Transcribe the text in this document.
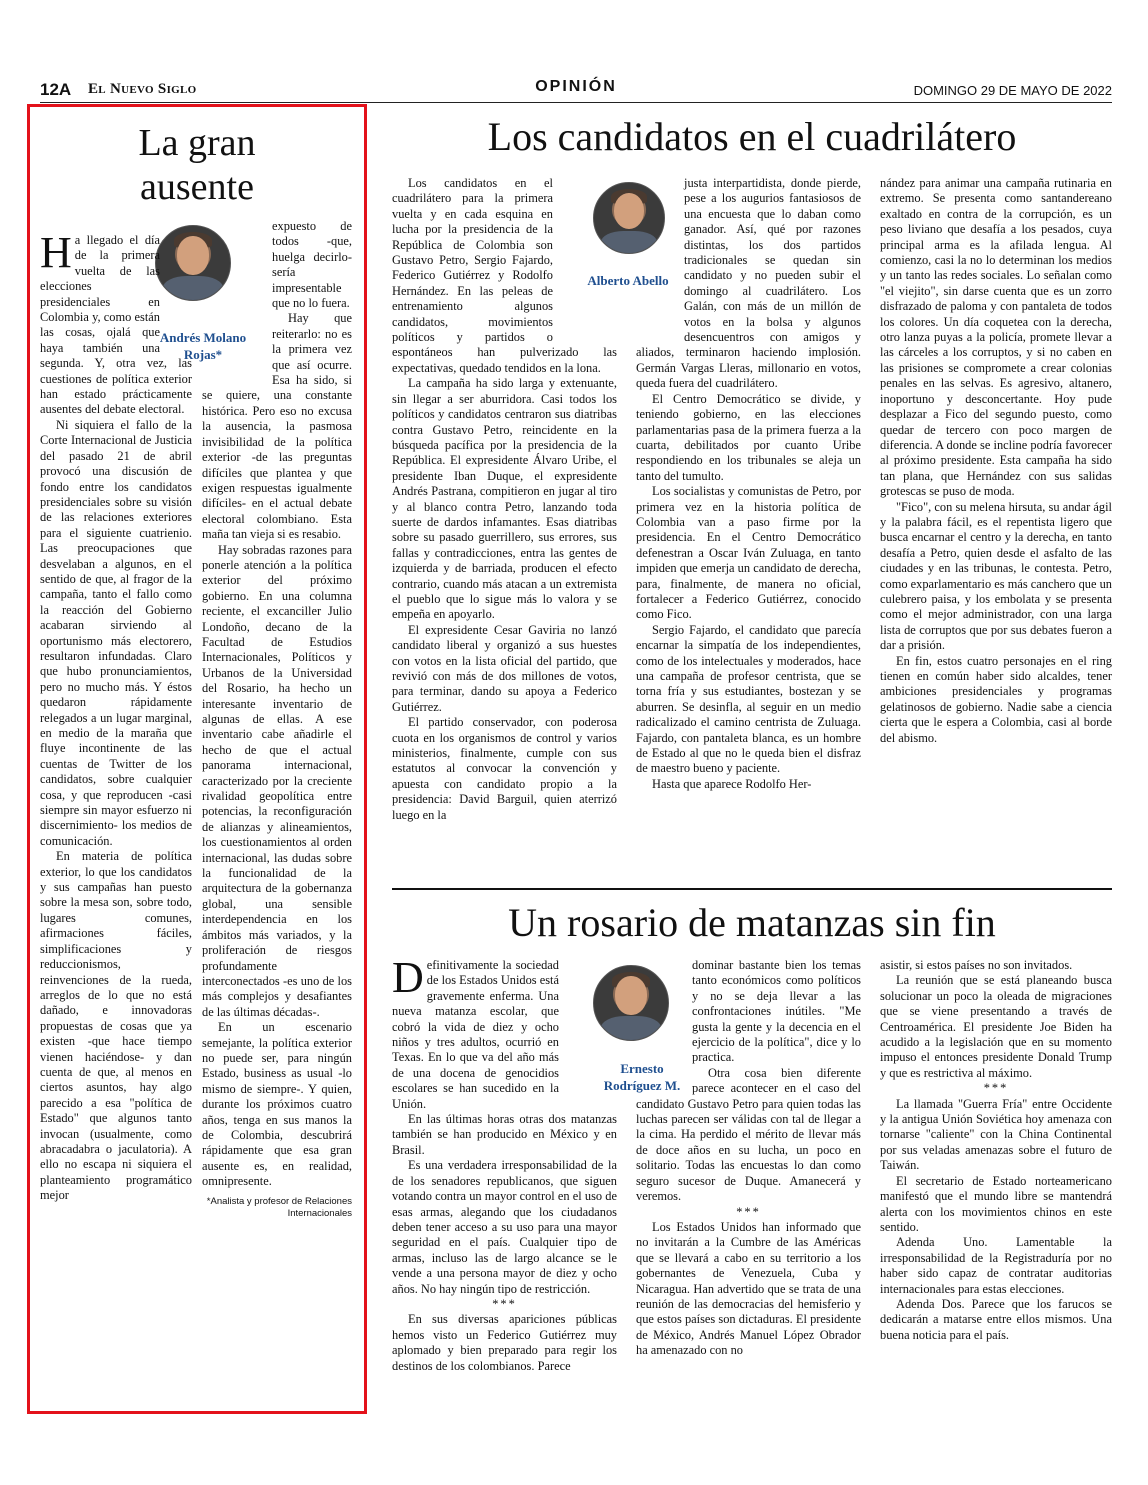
12A El Nuevo Siglo	OPINIÓN	DOMINGO 29 DE MAYO DE 2022
La gran
ausente
Andrés Molano Rojas*
H a llegado el día de la primera vuelta de las elecciones presidenciales en Colombia y, como están las cosas, ojalá que haya también una segunda. Y, otra vez, las cuestiones de política exterior han estado prácticamente ausentes del debate electoral.

Ni siquiera el fallo de la Corte Internacional de Justicia del pasado 21 de abril provocó una discusión de fondo entre los candidatos presidenciales sobre su visión de las relaciones exteriores para el siguiente cuatrienio. Las preocupaciones que desvelaban a algunos, en el sentido de que, al fragor de la campaña, tanto el fallo como la reacción del Gobierno acabaran sirviendo al oportunismo más electorero, resultaron infundadas. Claro que hubo pronunciamientos, pero no mucho más. Y éstos quedaron rápidamente relegados a un lugar marginal, en medio de la maraña que fluye incontinente de las cuentas de Twitter de los candidatos, sobre cualquier cosa, y que reproducen -casi siempre sin mayor esfuerzo ni discernimiento- los medios de comunicación.

En materia de política exterior, lo que los candidatos y sus campañas han puesto sobre la mesa son, sobre todo, lugares comunes, afirmaciones fáciles, simplificaciones y reduccionismos, reinvenciones de la rueda, arreglos de lo que no está dañado, e innovadoras propuestas de cosas que ya existen -que hace tiempo vienen haciéndose- y dan cuenta de que, al menos en ciertos asuntos, hay algo parecido a esa "política de Estado" que algunos tanto invocan (usualmente, como abracadabra o jaculatoria). A ello no escapa ni siquiera el planteamiento programático mejor

expuesto de todos -que, huelga decirlo- sería impresentable que no lo fuera.

Hay que reiterarlo: no es la primera vez que así ocurre. Esa ha sido, si se quiere, una constante histórica. Pero eso no excusa la ausencia, la pasmosa invisibilidad de la política exterior -de las preguntas difíciles que plantea y que exigen respuestas igualmente difíciles- en el actual debate electoral colombiano. Esta maña tan vieja si es resabio.

Hay sobradas razones para ponerle atención a la política exterior del próximo gobierno. En una columna reciente, el excanciller Julio Londoño, decano de la Facultad de Estudios Internacionales, Políticos y Urbanos de la Universidad del Rosario, ha hecho un interesante inventario de algunas de ellas. A ese inventario cabe añadirle el hecho de que el actual panorama internacional, caracterizado por la creciente rivalidad geopolítica entre potencias, la reconfiguración de alianzas y alineamientos, los cuestionamientos al orden internacional, las dudas sobre la funcionalidad de la arquitectura de la gobernanza global, una sensible interdependencia en los ámbitos más variados, y la proliferación de riesgos profundamente interconectados -es uno de los más complejos y desafiantes de las últimas décadas-.

En un escenario semejante, la política exterior no puede ser, para ningún Estado, business as usual -lo mismo de siempre-. Y quien, durante los próximos cuatro años, tenga en sus manos la de Colombia, descubrirá rápidamente que esa gran ausente es, en realidad, omnipresente.

*Analista y profesor de Relaciones Internacionales
Los candidatos en el cuadrilátero
Alberto Abello

Los candidatos en el cuadrilátero para la primera vuelta y en cada esquina en lucha por la presidencia de la República de Colombia son Gustavo Petro, Sergio Fajardo, Federico Gutiérrez y Rodolfo Hernández. En las peleas de entrenamiento algunos candidatos, movimientos políticos y partidos o espontáneos han pulverizado las expectativas, quedado tendidos en la lona.

La campaña ha sido larga y extenuante, sin llegar a ser aburridora. Casi todos los políticos y candidatos centraron sus diatribas contra Gustavo Petro, reincidente en la búsqueda pacífica por la presidencia de la República. El expresidente Álvaro Uribe, el presidente Iban Duque, el expresidente Andrés Pastrana, compitieron en jugar al tiro y al blanco contra Petro, lanzando toda suerte de dardos infamantes. Esas diatribas sobre su pasado guerrillero, sus errores, sus fallas y contradicciones, entra las gentes de izquierda y de barriada, producen el efecto contrario, cuando más atacan a un extremista el pueblo que lo sigue más lo valora y se empeña en apoyarlo.

El expresidente Cesar Gaviria no lanzó candidato liberal y organizó a sus huestes con votos en la lista oficial del partido, que revivió con más de dos millones de votos, para terminar, dando su apoya a Federico Gutiérrez.

El partido conservador, con poderosa cuota en los organismos de control y varios ministerios, finalmente, cumple con sus estatutos al convocar la convención y apuesta con candidato propio a la presidencia: David Barguil, quien aterrizó luego en la

justa interpartidista, donde pierde, pese a los augurios fantasiosos de una encuesta que lo daban como ganador. Así, qué por razones distintas, los dos partidos tradicionales se quedan sin candidato y no pueden subir el domingo al cuadrilátero. Los Galán, con más de un millón de votos en la bolsa y algunos desencuentros con amigos y aliados, terminaron haciendo implosión. Germán Vargas Lleras, millonario en votos, queda fuera del cuadrilátero.

El Centro Democrático se divide, y teniendo gobierno, en las elecciones parlamentarias pasa de la primera fuerza a la cuarta, debilitados por cuanto Uribe respondiendo en los tribunales se aleja un tanto del tumulto.

Los socialistas y comunistas de Petro, por primera vez en la historia política de Colombia van a paso firme por la presidencia. En el Centro Democrático defenestran a Oscar Iván Zuluaga, en tanto impiden que emerja un candidato de derecha, para, finalmente, de manera no oficial, fortalecer a Federico Gutiérrez, conocido como Fico.

Sergio Fajardo, el candidato que parecía encarnar la simpatía de los independientes, como de los intelectuales y moderados, hace una campaña de profesor centrista, que se torna fría y sus estudiantes, bostezan y se aburren. Se desinfla, al seguir en un medio radicalizado el camino centrista de Zuluaga. Fajardo, con pantaleta blanca, es un hombre de Estado al que no le queda bien el disfraz de maestro bueno y paciente.

Hasta que aparece Rodolfo Her-

nández para animar una campaña rutinaria en extremo. Se presenta como santandereano exaltado en contra de la corrupción, es un peso liviano que desafía a los pesados, cuya principal arma es la afilada lengua. Al comienzo, casi la no lo determinan los medios y un tanto las redes sociales. Lo señalan como "el viejito", sin darse cuenta que es un zorro disfrazado de paloma y con pantaleta de todos los colores. Un día coquetea con la derecha, otro lanza puyas a la policía, promete llevar a las cárceles a los corruptos, y si no caben en las prisiones se compromete a crear colonias penales en las selvas. Es agresivo, altanero, inoportuno y desconcertante. Hoy pude desplazar a Fico del segundo puesto, como quedar de tercero con poco margen de diferencia. A donde se incline podría favorecer al próximo presidente. Esta campaña ha sido tan plana, que Hernández con sus salidas grotescas se puso de moda.

"Fico", con su melena hirsuta, su andar ágil y la palabra fácil, es el repentista ligero que busca encarnar el centro y la derecha, en tanto desafía a Petro, quien desde el asfalto de las ciudades y en las tribunas, le contesta. Petro, como exparlamentario es más canchero que un culebrero paisa, y los embolata y se presenta como el mejor administrador, con una larga lista de corruptos que por sus debates fueron a dar a prisión.

En fin, estos cuatro personajes en el ring tienen en común haber sido alcaldes, tener ambiciones presidenciales y programas gelatinosos de gobierno. Nadie sabe a ciencia cierta que le espera a Colombia, casi al borde del abismo.

Un rosario de matanzas sin fin
Ernesto
Rodríguez M.
D efinitivamente la sociedad de los Estados Unidos está gravemente enferma. Una nueva matanza escolar, que cobró la vida de diez y ocho niños y tres adultos, ocurrió en Texas. En lo que va del año más de una docena de genocidios escolares se han sucedido en la Unión.

En las últimas horas otras dos matanzas también se han producido en México y en Brasil.

Es una verdadera irresponsabilidad de la de los senadores republicanos, que siguen votando contra un mayor control en el uso de esas armas, alegando que los ciudadanos deben tener acceso a su uso para una mayor seguridad en el país. Cualquier tipo de armas, incluso las de largo alcance se le vende a una persona mayor de diez y ocho años. No hay ningún tipo de restricción.

***

En sus diversas apariciones públicas hemos visto un Federico Gutiérrez muy aplomado y bien preparado para regir los destinos de los colombianos. Parece

dominar bastante bien los temas tanto económicos como políticos y no se deja llevar a las confrontaciones inútiles. "Me gusta la gente y la decencia en el ejercicio de la política", dice y lo practica.

Otra cosa bien diferente parece acontecer en el caso del candidato Gustavo Petro para quien todas las luchas parecen ser válidas con tal de llegar a la cima. Ha perdido el mérito de llevar más de doce años en su lucha, un poco en solitario. Todas las encuestas lo dan como seguro sucesor de Duque. Amanecerá y veremos.

***

Los Estados Unidos han informado que no invitarán a la Cumbre de las Américas que se llevará a cabo en su territorio a los gobernantes de Venezuela, Cuba y Nicaragua. Han advertido que se trata de una reunión de las democracias del hemisferio y que estos países son dictaduras. El presidente de México, Andrés Manuel López Obrador ha amenazado con no

asistir, si estos países no son invitados.

La reunión que se está planeando busca solucionar un poco la oleada de migraciones que se viene presentando a través de Centroamérica. El presidente Joe Biden ha acudido a la legislación que en su momento impuso el entonces presidente Donald Trump y que es restrictiva al máximo.

***

La llamada "Guerra Fría" entre Occidente y la antigua Unión Soviética hoy amenaza con tornarse "caliente" con la China Continental por sus veladas amenazas sobre el futuro de Taiwán.

El secretario de Estado norteamericano manifestó que el mundo libre se mantendrá alerta con los movimientos chinos en este sentido.

Adenda Uno. Lamentable la irresponsabilidad de la Registraduría por no haber sido capaz de contratar auditorias internacionales para estas elecciones.

Adenda Dos. Parece que los farucos se dedicarán a matarse entre ellos mismos. Una buena noticia para el país.
